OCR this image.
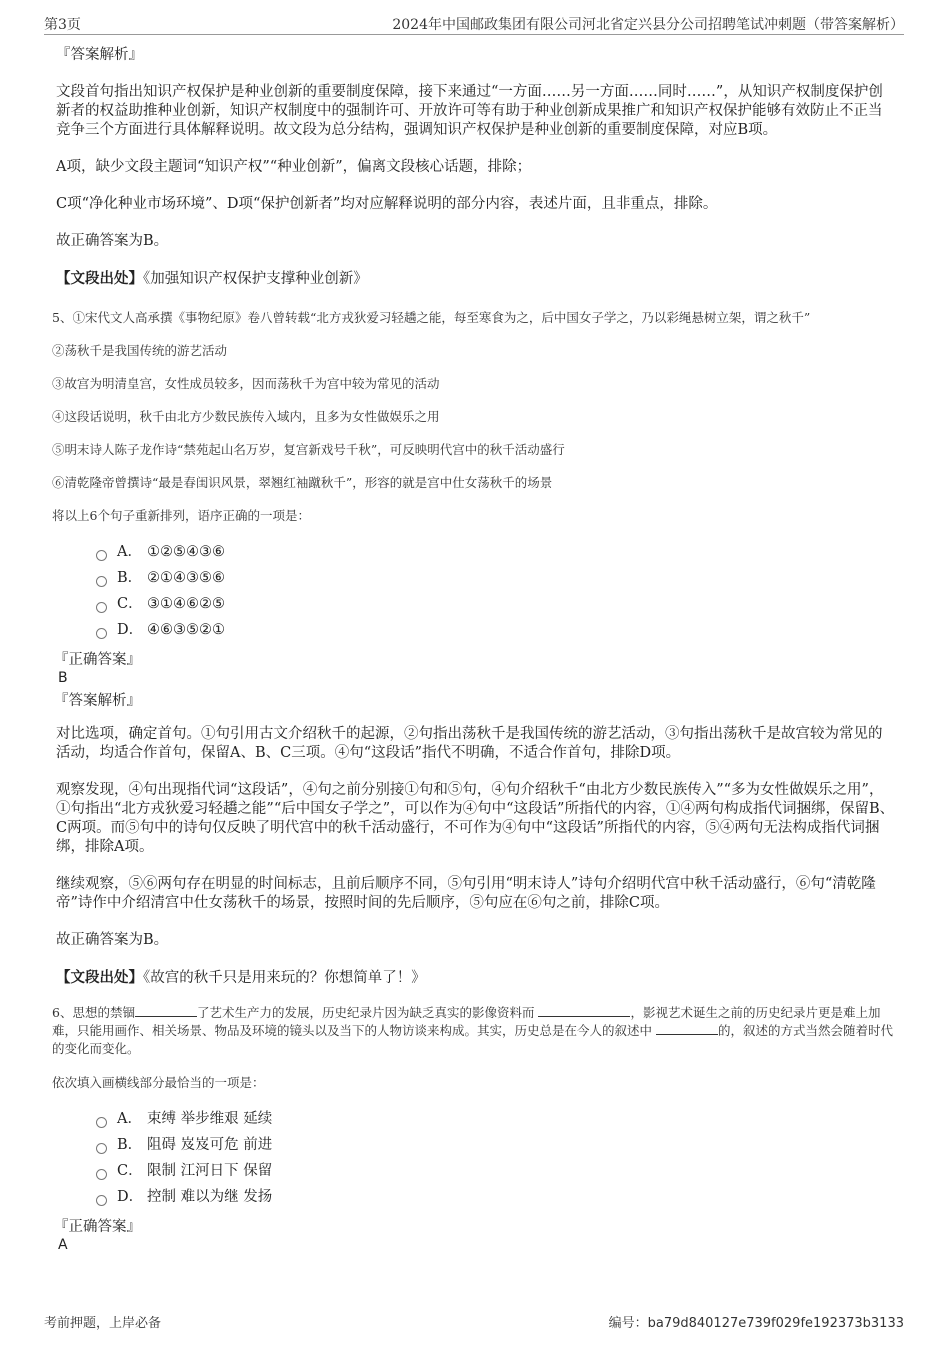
第3页	2024年中国邮政集团有限公司河北省定兴县分公司招聘笔试冲刺题（带答案解析）

『答案解析』

文段首句指出知识产权保护是种业创新的重要制度保障，接下来通过“一方面……另一方面……同时……”，从知识产权制度保护创新者的权益助推种业创新，知识产权制度中的强制许可、开放许可等有助于种业创新成果推广和知识产权保护能够有效防止不正当竞争三个方面进行具体解释说明。故文段为总分结构，强调知识产权保护是种业创新的重要制度保障，对应B项。

A项，缺少文段主题词“知识产权”“种业创新”，偏离文段核心话题，排除；

C项“净化种业市场环境”、D项“保护创新者”均对应解释说明的部分内容，表述片面，且非重点，排除。

故正确答案为B。

【文段出处】《加强知识产权保护支撑种业创新》

5、①宋代文人高承撰《事物纪原》卷八曾转载“北方戎狄爱习轻趫之能，每至寒食为之，后中国女子学之，乃以彩绳悬树立架，谓之秋千”

②荡秋千是我国传统的游艺活动

③故宫为明清皇宫，女性成员较多，因而荡秋千为宫中较为常见的活动

④这段话说明，秋千由北方少数民族传入域内，且多为女性做娱乐之用

⑤明末诗人陈子龙作诗“禁苑起山名万岁，复宫新戏号千秋”，可反映明代宫中的秋千活动盛行

⑥清乾隆帝曾撰诗“最是春闺识风景，翠翘红袖蹴秋千”，形容的就是宫中仕女荡秋千的场景

将以上6个句子重新排列，语序正确的一项是：

A． ①②⑤④③⑥
B． ②①④③⑤⑥
C． ③①④⑥②⑤
D． ④⑥③⑤②①

『正确答案』

B

『答案解析』

对比选项，确定首句。①句引用古文介绍秋千的起源，②句指出荡秋千是我国传统的游艺活动，③句指出荡秋千是故宫较为常见的活动，均适合作首句，保留A、B、C三项。④句“这段话”指代不明确，不适合作首句，排除D项。

观察发现，④句出现指代词“这段话”，④句之前分别接①句和⑤句，④句介绍秋千“由北方少数民族传入”“多为女性做娱乐之用”，①句指出“北方戎狄爱习轻趫之能”“后中国女子学之”，可以作为④句中“这段话”所指代的内容，①④两句构成指代词捆绑，保留B、C两项。而⑤句中的诗句仅反映了明代宫中的秋千活动盛行，不可作为④句中“这段话”所指代的内容，⑤④两句无法构成指代词捆绑，排除A项。

继续观察，⑤⑥两句存在明显的时间标志，且前后顺序不同，⑤句引用“明末诗人”诗句介绍明代宫中秋千活动盛行，⑥句“清乾隆帝”诗作中介绍清宫中仕女荡秋千的场景，按照时间的先后顺序，⑤句应在⑥句之前，排除C项。

故正确答案为B。

【文段出处】《故宫的秋千只是用来玩的？你想简单了！》

6、思想的禁锢	了艺术生产力的发展，历史纪录片因为缺乏真实的影像资料而	，影视艺术诞生之前的历史纪录片更是难上加难，只能用画作、相关场景、物品及环境的镜头以及当下的人物访谈来构成。其实，历史总是在今人的叙述中	的，叙述的方式当然会随着时代的变化而变化。

依次填入画横线部分最恰当的一项是：

A． 束缚 举步维艰 延续
B． 阻碍 岌岌可危 前进
C． 限制 江河日下 保留
D． 控制 难以为继 发扬

『正确答案』

A

考前押题，上岸必备	编号：ba79d840127e739f029fe192373b3133
